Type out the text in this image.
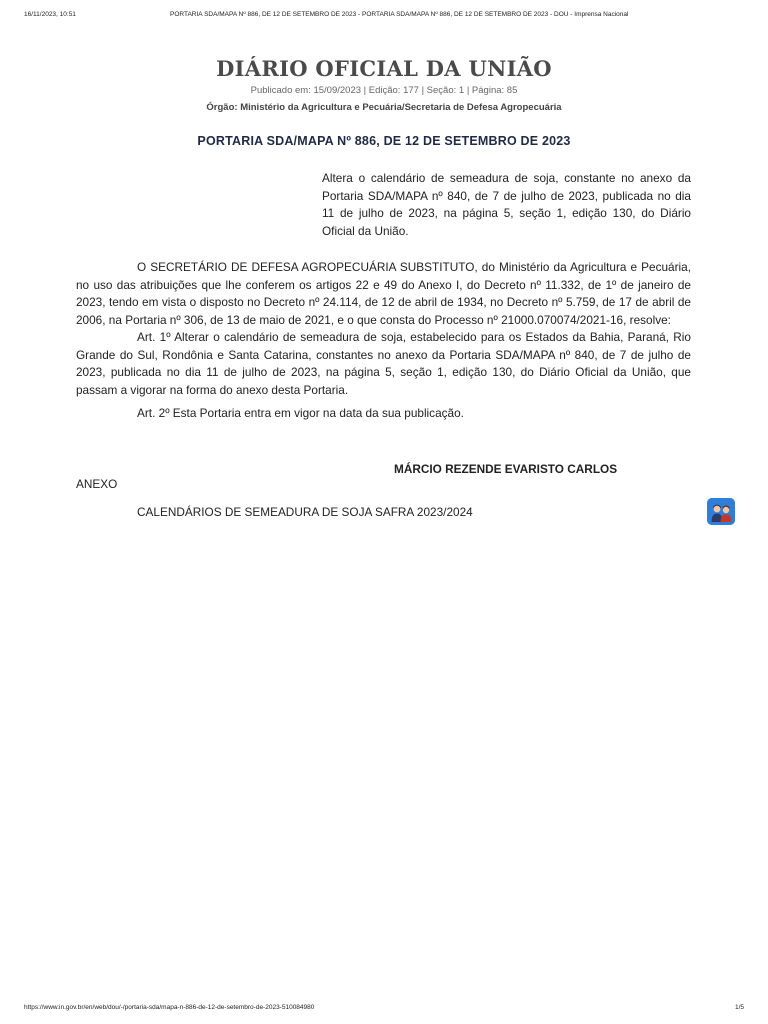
16/11/2023, 10:51	PORTARIA SDA/MAPA Nº 886, DE 12 DE SETEMBRO DE 2023 - PORTARIA SDA/MAPA Nº 886, DE 12 DE SETEMBRO DE 2023 - DOU - Imprensa Nacional
DIÁRIO OFICIAL DA UNIÃO
Publicado em: 15/09/2023 | Edição: 177 | Seção: 1 | Página: 85
Órgão: Ministério da Agricultura e Pecuária/Secretaria de Defesa Agropecuária
PORTARIA SDA/MAPA Nº 886, DE 12 DE SETEMBRO DE 2023
Altera o calendário de semeadura de soja, constante no anexo da Portaria SDA/MAPA nº 840, de 7 de julho de 2023, publicada no dia 11 de julho de 2023, na página 5, seção 1, edição 130, do Diário Oficial da União.

O SECRETÁRIO DE DEFESA AGROPECUÁRIA SUBSTITUTO, do Ministério da Agricultura e Pecuária, no uso das atribuições que lhe conferem os artigos 22 e 49 do Anexo I, do Decreto nº 11.332, de 1º de janeiro de 2023, tendo em vista o disposto no Decreto nº 24.114, de 12 de abril de 1934, no Decreto nº 5.759, de 17 de abril de 2006, na Portaria nº 306, de 13 de maio de 2021, e o que consta do Processo nº 21000.070074/2021-16, resolve:

Art. 1º Alterar o calendário de semeadura de soja, estabelecido para os Estados da Bahia, Paraná, Rio Grande do Sul, Rondônia e Santa Catarina, constantes no anexo da Portaria SDA/MAPA nº 840, de 7 de julho de 2023, publicada no dia 11 de julho de 2023, na página 5, seção 1, edição 130, do Diário Oficial da União, que passam a vigorar na forma do anexo desta Portaria.

Art. 2º Esta Portaria entra em vigor na data da sua publicação.

MÁRCIO REZENDE EVARISTO CARLOS
ANEXO
CALENDÁRIOS DE SEMEADURA DE SOJA SAFRA 2023/2024
https://www.in.gov.br/en/web/dou/-/portaria-sda/mapa-n-886-de-12-de-setembro-de-2023-510084980	1/5
